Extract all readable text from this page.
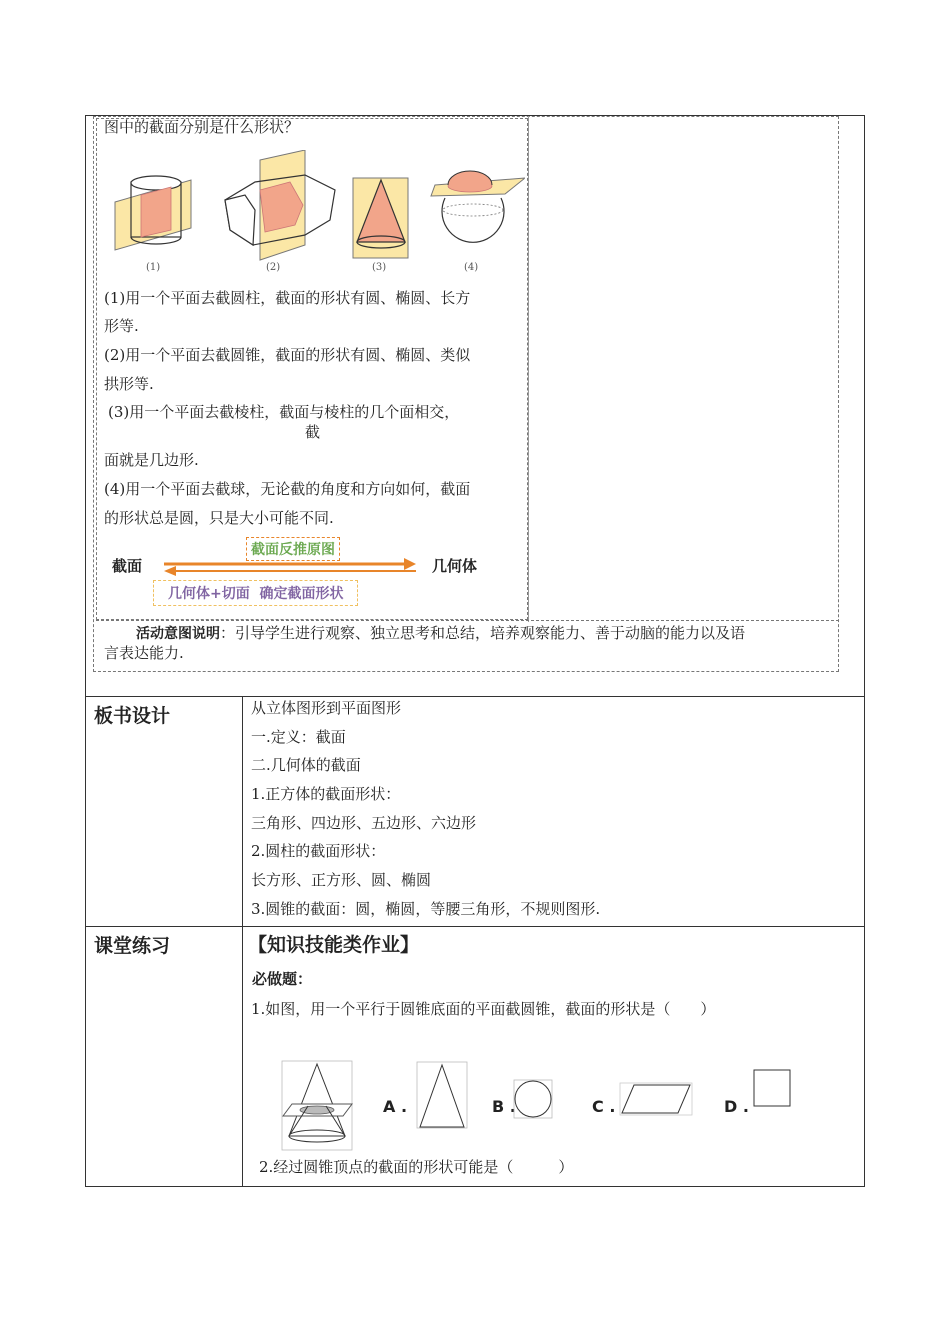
图中的截面分别是什么形状？
(1)	(2)	(3)	(4)
(1)用一个平面去截圆柱，截面的形状有圆、椭圆、长方
形等.
(2)用一个平面去截圆锥，截面的形状有圆、椭圆、类似
拱形等.
(3)用一个平面去截棱柱，截面与棱柱的几个面相交，
截
面就是几边形.
(4)用一个平面去截球，无论截的角度和方向如何，截面
的形状总是圆，只是大小可能不同.
截面	几何体
截面反推原图
几何体+切面  确定截面形状
活动意图说明：引导学生进行观察、独立思考和总结，培养观察能力、善于动脑的能力以及语
言表达能力.
板书设计	从立体图形到平面图形
一.定义：截面
二.几何体的截面
1.正方体的截面形状：
三角形、四边形、五边形、六边形
2.圆柱的截面形状：
长方形、正方形、圆、椭圆
3.圆锥的截面：圆，椭圆，等腰三角形，不规则图形.
课堂练习	【知识技能类作业】
必做题：
1.如图，用一个平行于圆锥底面的平面截圆锥，截面的形状是（　　）
A .	B .	C .	D .
2.经过圆锥顶点的截面的形状可能是（　　　）
